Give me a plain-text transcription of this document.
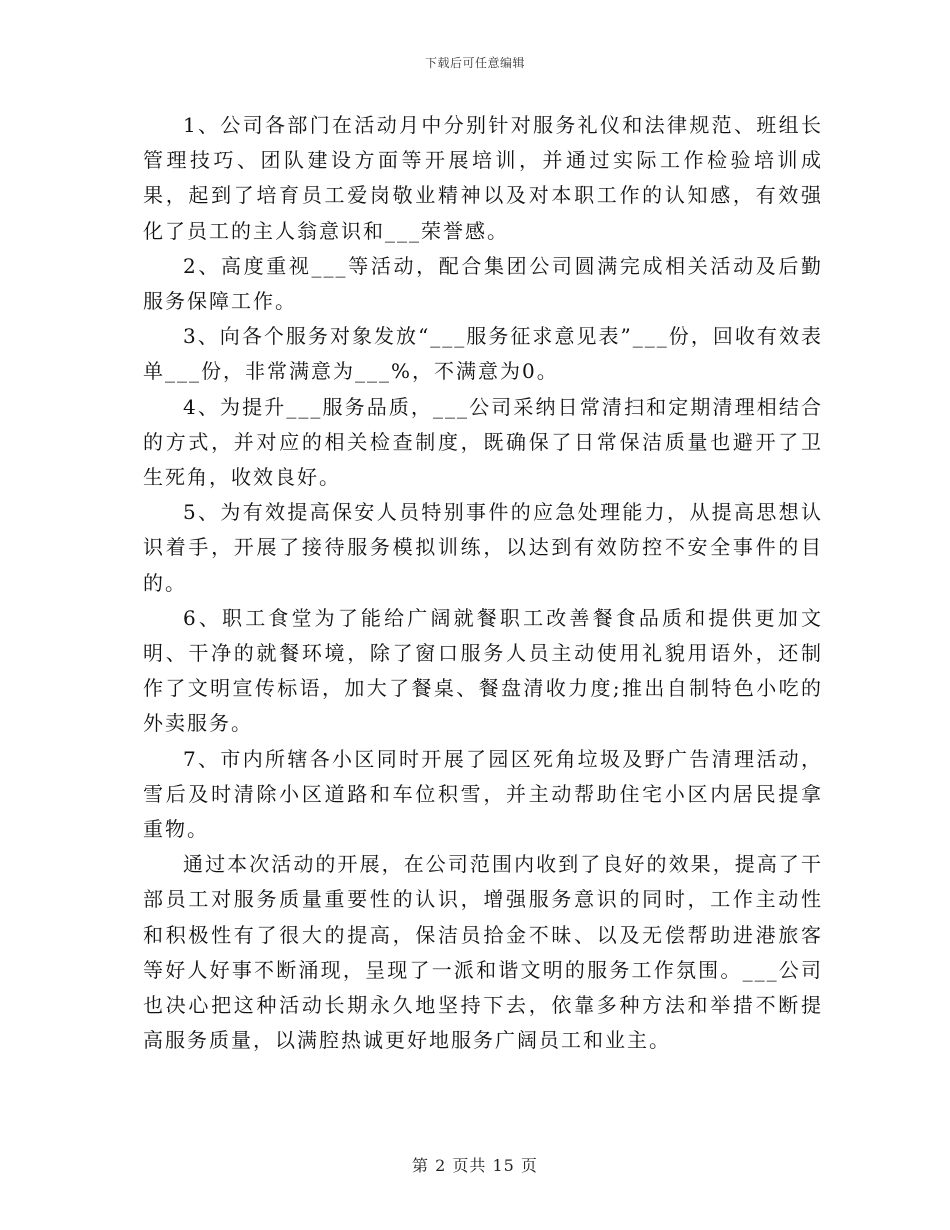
下载后可任意编辑

1、公司各部门在活动月中分别针对服务礼仪和法律规范、班组长管理技巧、团队建设方面等开展培训，并通过实际工作检验培训成果，起到了培育员工爱岗敬业精神以及对本职工作的认知感，有效强化了员工的主人翁意识和___荣誉感。

2、高度重视___等活动，配合集团公司圆满完成相关活动及后勤服务保障工作。

3、向各个服务对象发放“___服务征求意见表”___份，回收有效表单___份，非常满意为___%，不满意为0。

4、为提升___服务品质，___公司采纳日常清扫和定期清理相结合的方式，并对应的相关检查制度，既确保了日常保洁质量也避开了卫生死角，收效良好。

5、为有效提高保安人员特别事件的应急处理能力，从提高思想认识着手，开展了接待服务模拟训练，以达到有效防控不安全事件的目的。

6、职工食堂为了能给广阔就餐职工改善餐食品质和提供更加文明、干净的就餐环境，除了窗口服务人员主动使用礼貌用语外，还制作了文明宣传标语，加大了餐桌、餐盘清收力度;推出自制特色小吃的外卖服务。

7、市内所辖各小区同时开展了园区死角垃圾及野广告清理活动，雪后及时清除小区道路和车位积雪，并主动帮助住宅小区内居民提拿重物。

通过本次活动的开展，在公司范围内收到了良好的效果，提高了干部员工对服务质量重要性的认识，增强服务意识的同时，工作主动性和积极性有了很大的提高，保洁员拾金不昧、以及无偿帮助进港旅客等好人好事不断涌现，呈现了一派和谐文明的服务工作氛围。___公司也决心把这种活动长期永久地坚持下去，依靠多种方法和举措不断提高服务质量，以满腔热诚更好地服务广阔员工和业主。

第 2 页共 15 页
